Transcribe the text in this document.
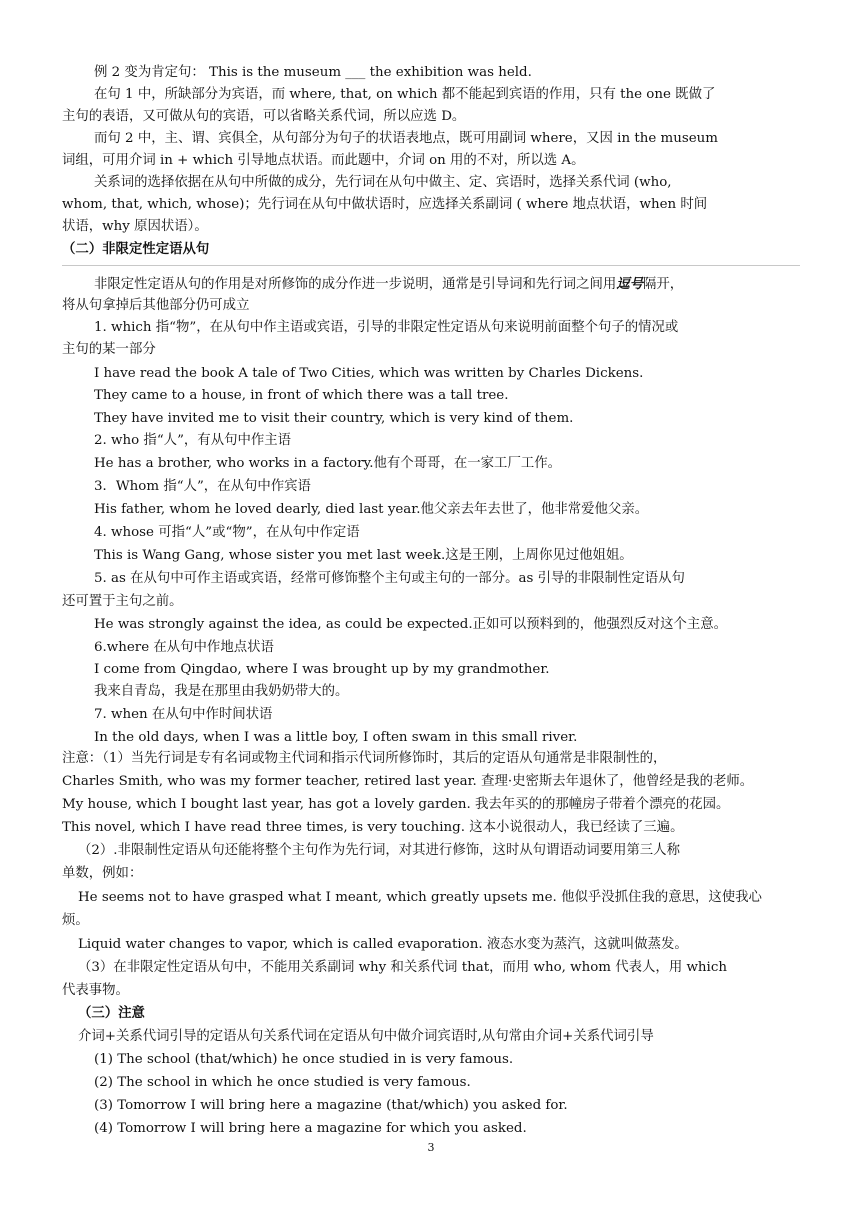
3
例 2 变为肯定句： This is the museum ___ the exhibition was held.
在句 1 中，所缺部分为宾语，而 where, that, on which 都不能起到宾语的作用，只有 the one 既做了
主句的表语，又可做从句的宾语，可以省略关系代词，所以应选 D。
而句 2 中，主、谓、宾俱全，从句部分为句子的状语表地点，既可用副词 where，又因 in the museum
词组，可用介词 in + which 引导地点状语。而此题中，介词 on 用的不对，所以选 A。
关系词的选择依据在从句中所做的成分，先行词在从句中做主、定、宾语时，选择关系代词 (who,
whom, that, which, whose)；先行词在从句中做状语时，应选择关系副词 ( where 地点状语，when 时间
状语，why 原因状语）。
（二）非限定性定语从句
非限定性定语从句的作用是对所修饰的成分作进一步说明，通常是引导词和先行词之间用逗号隔开，
将从句拿掉后其他部分仍可成立
1. which 指“物”，在从句中作主语或宾语，引导的非限定性定语从句来说明前面整个句子的情况或
主句的某一部分
I have read the book A tale of Two Cities, which was written by Charles Dickens.
They came to a house, in front of which there was a tall tree.
They have invited me to visit their country, which is very kind of them.
2. who 指“人”，有从句中作主语
He has a brother, who works in a factory.他有个哥哥，在一家工厂工作。
3．Whom 指“人”，在从句中作宾语
His father, whom he loved dearly, died last year.他父亲去年去世了，他非常爱他父亲。
4. whose 可指“人”或“物”，在从句中作定语
This is Wang Gang, whose sister you met last week.这是王刚，上周你见过他姐姐。
5. as 在从句中可作主语或宾语，经常可修饰整个主句或主句的一部分。as 引导的非限制性定语从句
还可置于主句之前。
He was strongly against the idea, as could be expected.正如可以预料到的，他强烈反对这个主意。
6.where 在从句中作地点状语
I come from Qingdao, where I was brought up by my grandmother.
我来自青岛，我是在那里由我奶奶带大的。
7. when 在从句中作时间状语
In the old days, when I was a little boy, I often swam in this small river.
注意：（1）当先行词是专有名词或物主代词和指示代词所修饰时，其后的定语从句通常是非限制性的，
Charles Smith, who was my former teacher, retired last year. 查理·史密斯去年退休了，他曾经是我的老师。
My house, which I bought last year, has got a lovely garden. 我去年买的的那幢房子带着个漂亮的花园。
This novel, which I have read three times, is very touching. 这本小说很动人，我已经读了三遍。
（2）.非限制性定语从句还能将整个主句作为先行词，对其进行修饰，这时从句谓语动词要用第三人称
单数，例如：
He seems not to have grasped what I meant, which greatly upsets me. 他似乎没抓住我的意思，这使我心
烦。
Liquid water changes to vapor, which is called evaporation. 液态水变为蒸汽，这就叫做蒸发。
（3）在非限定性定语从句中，不能用关系副词 why 和关系代词 that，而用 who, whom 代表人，用 which
代表事物。
（三）注意
介词+关系代词引导的定语从句关系代词在定语从句中做介词宾语时,从句常由介词+关系代词引导
(1) The school (that/which) he once studied in is very famous.
(2) The school in which he once studied is very famous.
(3) Tomorrow I will bring here a magazine (that/which) you asked for.
(4) Tomorrow I will bring here a magazine for which you asked.
